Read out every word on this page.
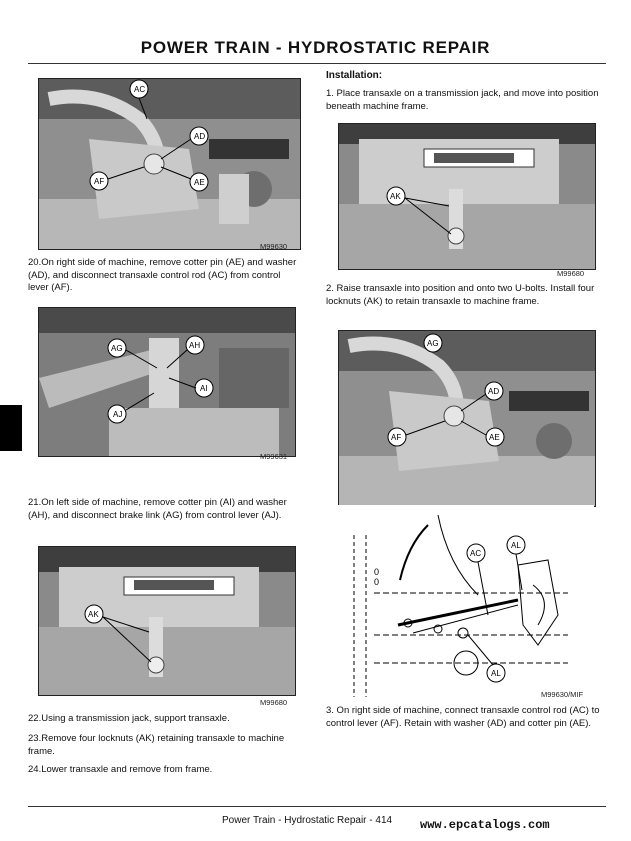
POWER TRAIN - HYDROSTATIC REPAIR
AC
AD
AE
AF
M99630
20.On right side of machine, remove cotter pin (AE) and washer (AD), and disconnect transaxle control rod (AC) from control lever (AF).
AG	AH
AI
AJ
M99631
21.On left side of machine, remove cotter pin (AI) and washer (AH), and disconnect brake link (AG) from control lever (AJ).
AK
M99680
22.Using a transmission jack, support transaxle.
23.Remove four locknuts (AK) retaining transaxle to machine frame.
24.Lower transaxle and remove from frame.
Installation:
1. Place transaxle on a transmission jack, and move into position beneath machine frame.
AK
M99680
2. Raise transaxle into position and onto two U-bolts. Install four locknuts (AK) to retain transaxle to machine frame.
AG
AD
AF	AE
0
0
AC
AL
AL
M99630/MIF
3. On right side of machine, connect transaxle control rod (AC) to control lever (AF). Retain with washer (AD) and cotter pin (AE).
Power Train - Hydrostatic Repair - 414 www.epcatalogs.com
